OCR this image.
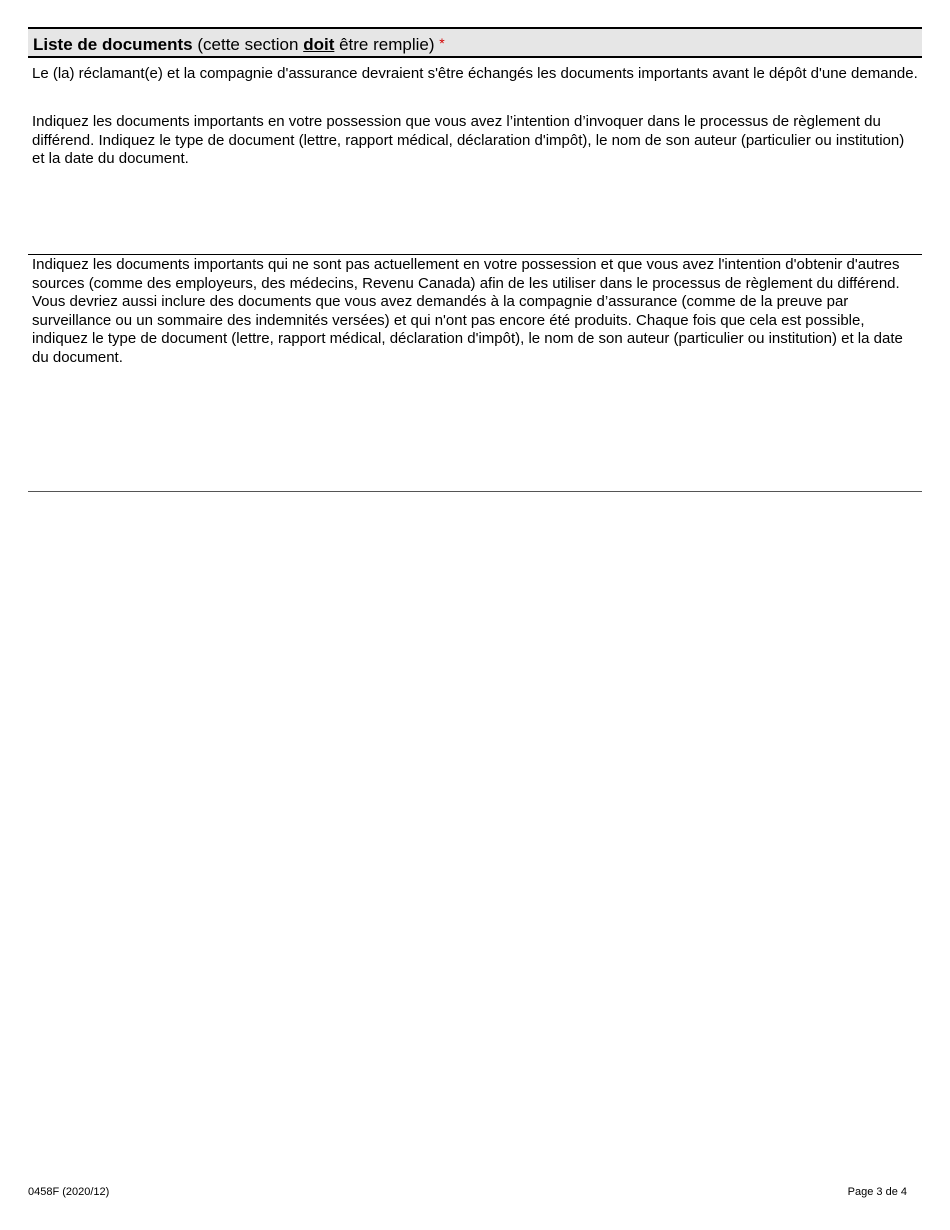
Liste de documents (cette section doit être remplie) *

Le (la) réclamant(e) et la compagnie d'assurance devraient s'être échangés les documents importants avant le dépôt d'une demande.

Indiquez les documents importants en votre possession que vous avez l’intention d’invoquer dans le processus de règlement du différend. Indiquez le type de document (lettre, rapport médical, déclaration d'impôt), le nom de son auteur (particulier ou institution) et la date du document.

Indiquez les documents importants qui ne sont pas actuellement en votre possession et que vous avez l'intention d'obtenir d'autres sources (comme des employeurs, des médecins, Revenu Canada) afin de les utiliser dans le processus de règlement du différend. Vous devriez aussi inclure des documents que vous avez demandés à la compagnie d’assurance (comme de la preuve par surveillance ou un sommaire des indemnités versées) et qui n'ont pas encore été produits. Chaque fois que cela est possible, indiquez le type de document (lettre, rapport médical, déclaration d'impôt), le nom de son auteur (particulier ou institution) et la date du document.

0458F (2020/12)	Page 3 de 4
